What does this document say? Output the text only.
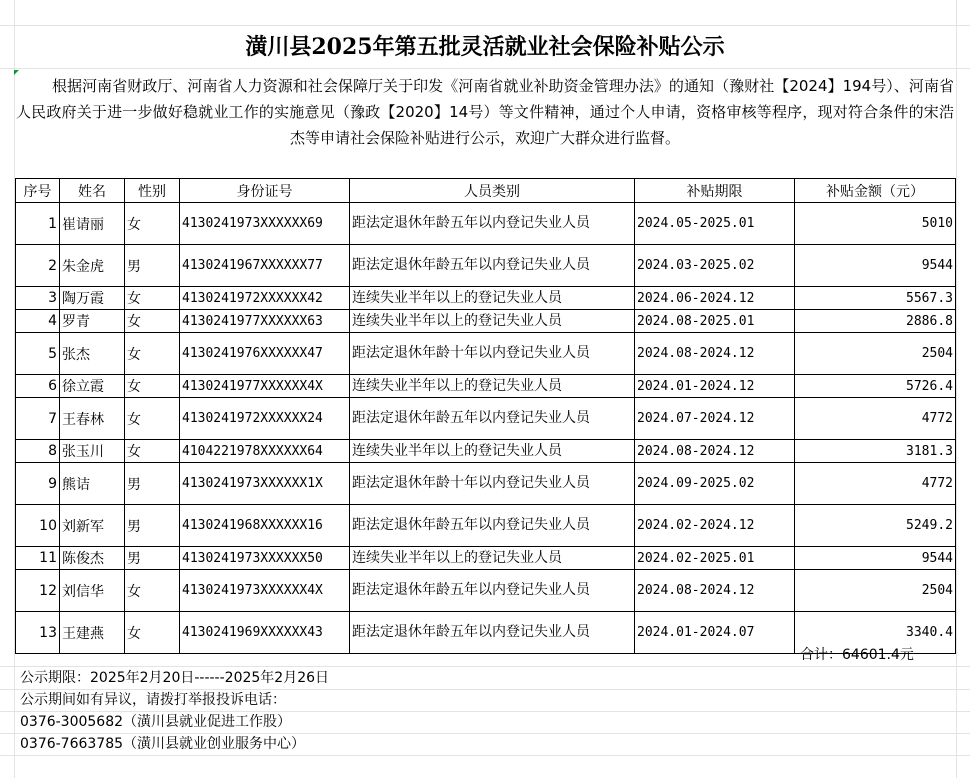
潢川县2025年第五批灵活就业社会保险补贴公示
根据河南省财政厅、河南省人力资源和社会保障厅关于印发《河南省就业补助资金管理办法》的通知（豫财社【2024】194号）、河南省人民政府关于进一步做好稳就业工作的实施意见（豫政【2020】14号）等文件精神，通过个人申请，资格审核等程序，现对符合条件的宋浩杰等申请社会保险补贴进行公示，欢迎广大群众进行监督。
序号	姓名	性别	身份证号	人员类别	补贴期限	补贴金额（元）
1	崔请丽	女	4130241973XXXXXX69	距法定退休年龄五年以内登记失业人员	2024.05-2025.01	5010
2	朱金虎	男	4130241967XXXXXX77	距法定退休年龄五年以内登记失业人员	2024.03-2025.02	9544
3	陶万霞	女	4130241972XXXXXX42	连续失业半年以上的登记失业人员	2024.06-2024.12	5567.3
4	罗青	女	4130241977XXXXXX63	连续失业半年以上的登记失业人员	2024.08-2025.01	2886.8
5	张杰	女	4130241976XXXXXX47	距法定退休年龄十年以内登记失业人员	2024.08-2024.12	2504
6	徐立霞	女	4130241977XXXXXX4X	连续失业半年以上的登记失业人员	2024.01-2024.12	5726.4
7	王春林	女	4130241972XXXXXX24	距法定退休年龄五年以内登记失业人员	2024.07-2024.12	4772
8	张玉川	女	4104221978XXXXXX64	连续失业半年以上的登记失业人员	2024.08-2024.12	3181.3
9	熊诘	男	4130241973XXXXXX1X	距法定退休年龄十年以内登记失业人员	2024.09-2025.02	4772
10	刘新军	男	4130241968XXXXXX16	距法定退休年龄五年以内登记失业人员	2024.02-2024.12	5249.2
11	陈俊杰	男	4130241973XXXXXX50	连续失业半年以上的登记失业人员	2024.02-2025.01	9544
12	刘信华	女	4130241973XXXXXX4X	距法定退休年龄五年以内登记失业人员	2024.08-2024.12	2504
13	王建燕	女	4130241969XXXXXX43	距法定退休年龄五年以内登记失业人员	2024.01-2024.07	3340.4
合计：64601.4元
公示期限：2025年2月20日------2025年2月26日
公示期间如有异议，请拨打举报投诉电话：
0376-3005682（潢川县就业促进工作股）
0376-7663785（潢川县就业创业服务中心）
